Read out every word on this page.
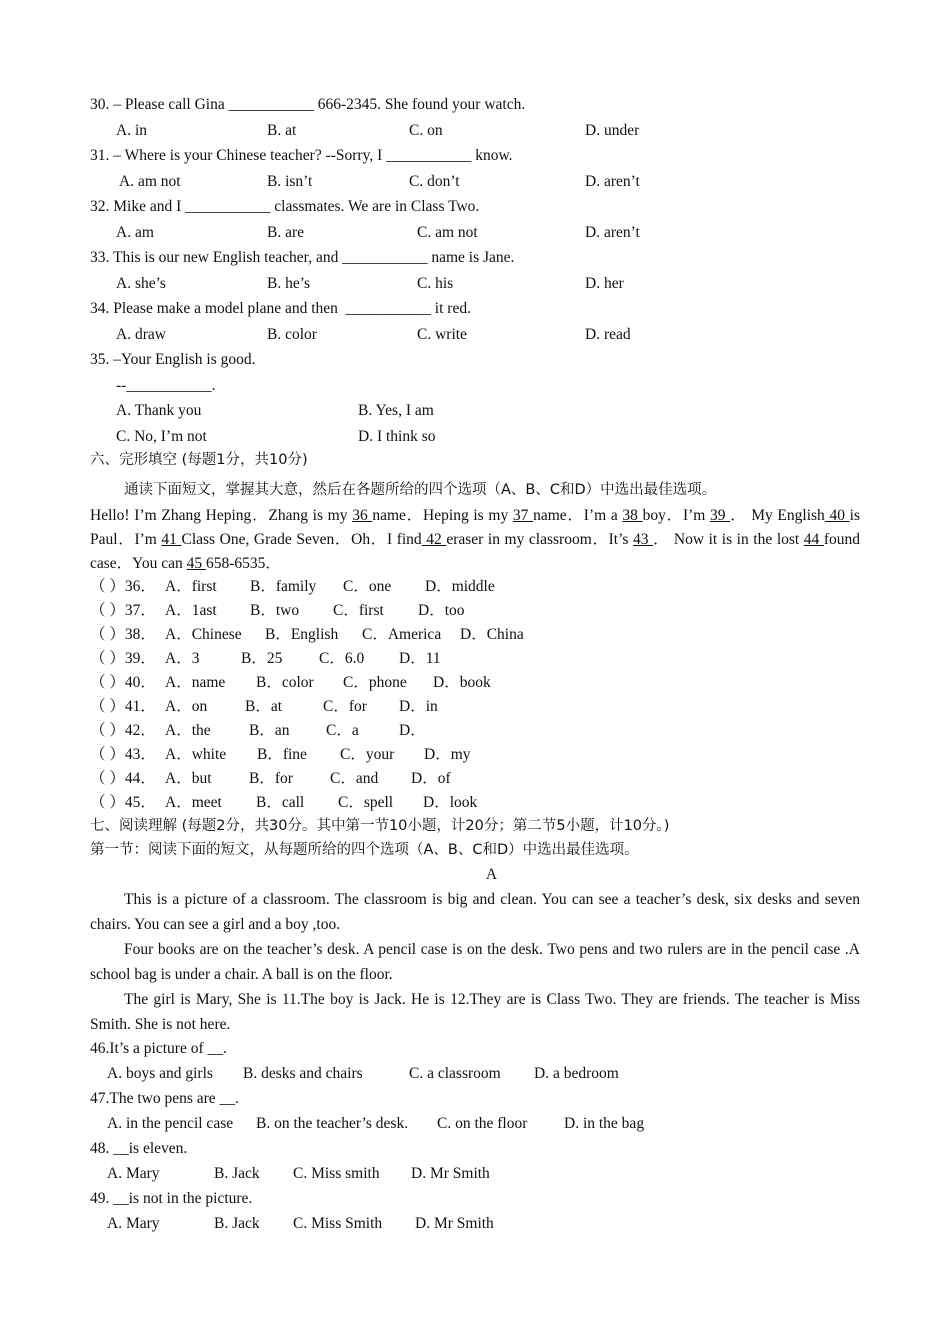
30. – Please call Gina ___________ 666-2345. She found your watch.
A. in	B. at	C. on	D. under
31. – Where is your Chinese teacher? --Sorry, I ___________ know.
A. am not	B. isn’t	C. don’t	D. aren’t
32. Mike and I ___________ classmates. We are in Class Two.
A. am	B. are	C. am not	D. aren’t
33. This is our new English teacher, and ___________ name is Jane.
A. she’s	B. he’s	C. his	D. her
34. Please make a model plane and then  ___________ it red.
A. draw	B. color	C. write	D. read
35. –Your English is good.
--___________.
A. Thank you	B. Yes, I am
C. No, I’m not	D. I think so
六、完形填空 (每题1分，共10分)
通读下面短文，掌握其大意，然后在各题所给的四个选项（A、B、C和D）中选出最佳选项。
Hello! I’m Zhang Heping．Zhang is my 36 name．Heping is my 37 name．I’m a 38 boy．I’m 39 ． My English 40 is Paul．I’m 41 Class One, Grade Seven．Oh．I find 42 eraser in my classroom．It’s 43 ． Now it is in the lost 44 found case．You can 45 658-6535．
（ ）36． A．first B．family C．one D．middle
（ ）37． A．1ast B．two C．first D．too
（ ）38． A．Chinese B．English C．America D．China
（ ）39． A．3	B．25 C．6.0 D．11
（ ）40． A．name B．color C．phone D．book
（ ）41． A．on B．at	C．for D．in
（ ）42． A．the B．an C．a	D．
（ ）43． A．white B．fine C．your D．my
（ ）44． A．but B．for C．and D．of
（ ）45． A．meet B．call C．spell D．look
七、阅读理解 (每题2分，共30分。其中第一节10小题，计20分；第二节5小题，计10分。)
第一节：阅读下面的短文，从每题所给的四个选项（A、B、C和D）中选出最佳选项。
A
This is a picture of a classroom. The classroom is big and clean. You can see a teacher’s desk, six desks and seven chairs. You can see a girl and a boy ,too.
Four books are on the teacher’s desk. A pencil case is on the desk. Two pens and two rulers are in the pencil case .A school bag is under a chair. A ball is on the floor.
The girl is Mary, She is 11.The boy is Jack. He is 12.They are is Class Two. They are friends. The teacher is Miss Smith. She is not here.
46.It’s a picture of __.
A. boys and girls B. desks and chairs	C. a classroom D. a bedroom
47.The two pens are __.
A. in the pencil case B. on the teacher’s desk. C. on the floor D. in the bag
48. __is eleven.
A. Mary	B. Jack C. Miss smith D. Mr Smith
49. __is not in the picture.
A. Mary	B. Jack C. Miss Smith D. Mr Smith
